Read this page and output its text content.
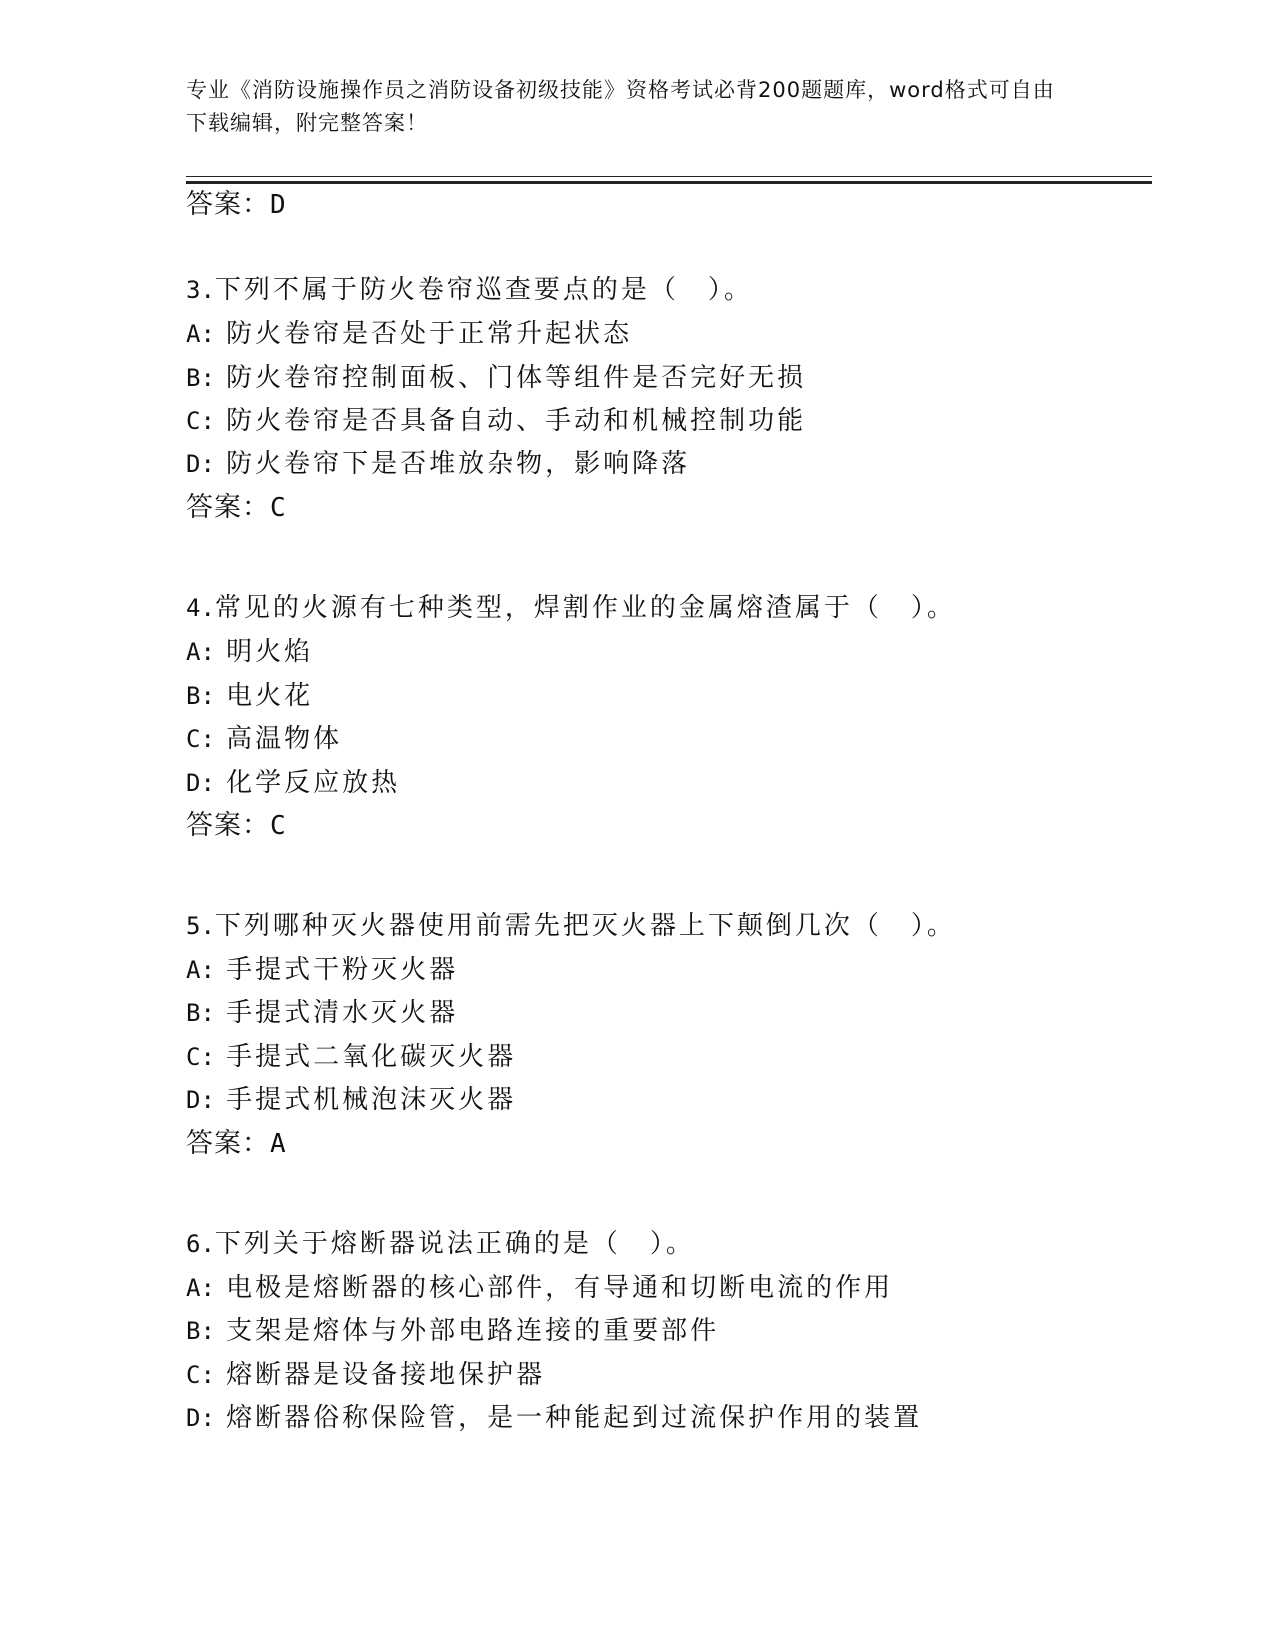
专业《消防设施操作员之消防设备初级技能》资格考试必背200题题库，word格式可自由下载编辑，附完整答案！
答案：D
3.下列不属于防火卷帘巡查要点的是（　）。
A: 防火卷帘是否处于正常升起状态
B: 防火卷帘控制面板、门体等组件是否完好无损
C: 防火卷帘是否具备自动、手动和机械控制功能
D: 防火卷帘下是否堆放杂物，影响降落
答案：C
4.常见的火源有七种类型，焊割作业的金属熔渣属于（　）。
A: 明火焰
B: 电火花
C: 高温物体
D: 化学反应放热
答案：C
5.下列哪种灭火器使用前需先把灭火器上下颠倒几次（　）。
A: 手提式干粉灭火器
B: 手提式清水灭火器
C: 手提式二氧化碳灭火器
D: 手提式机械泡沫灭火器
答案：A
6.下列关于熔断器说法正确的是（　）。
A: 电极是熔断器的核心部件，有导通和切断电流的作用
B: 支架是熔体与外部电路连接的重要部件
C: 熔断器是设备接地保护器
D: 熔断器俗称保险管，是一种能起到过流保护作用的装置
